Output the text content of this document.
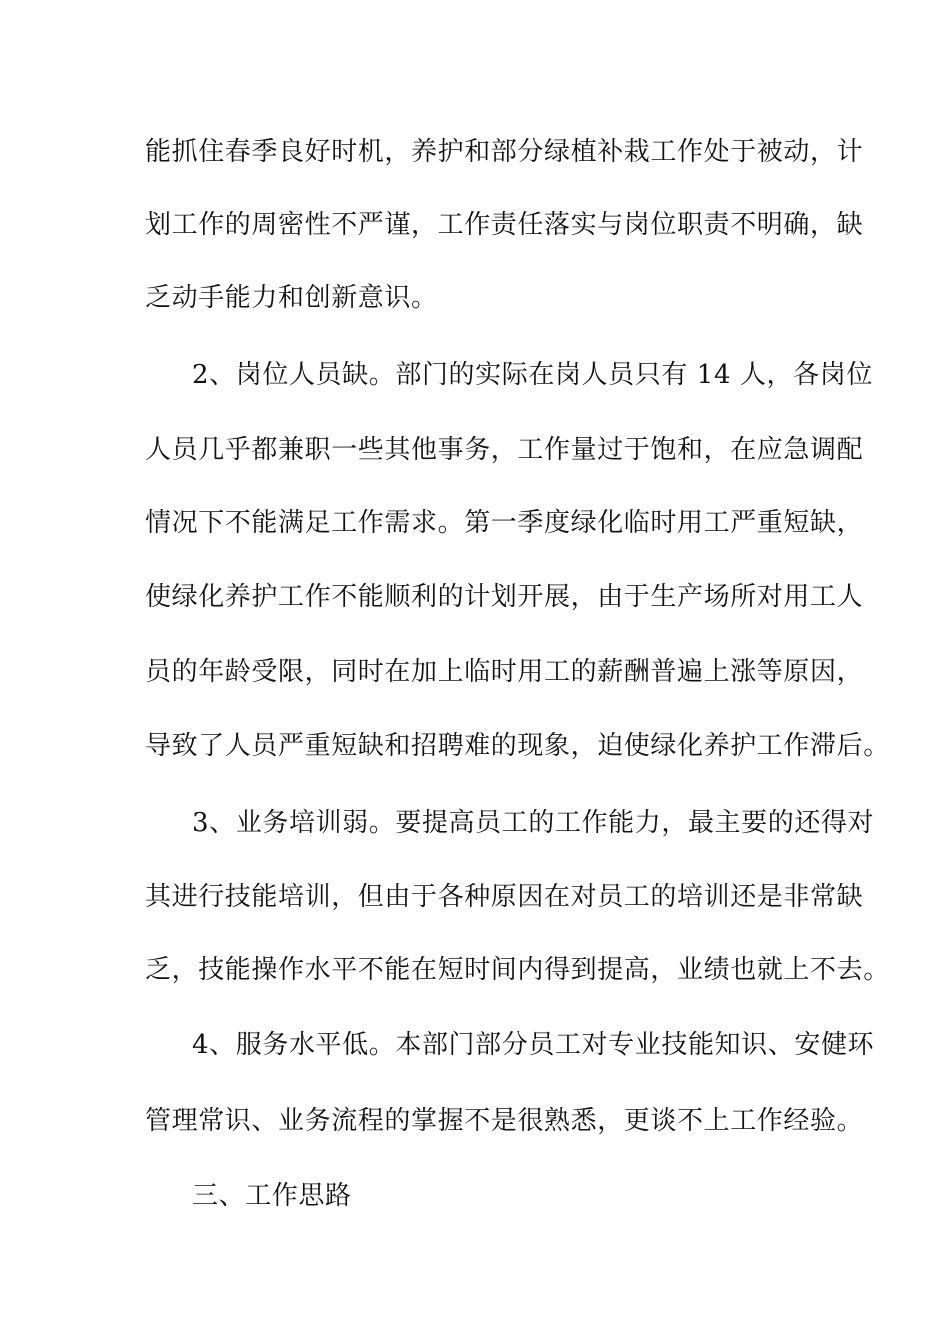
能抓住春季良好时机，养护和部分绿植补栽工作处于被动，计
划工作的周密性不严谨，工作责任落实与岗位职责不明确，缺
乏动手能力和创新意识。
2、岗位人员缺。部门的实际在岗人员只有 14 人，各岗位
人员几乎都兼职一些其他事务，工作量过于饱和，在应急调配
情况下不能满足工作需求。第一季度绿化临时用工严重短缺，
使绿化养护工作不能顺利的计划开展，由于生产场所对用工人
员的年龄受限，同时在加上临时用工的薪酬普遍上涨等原因，
导致了人员严重短缺和招聘难的现象，迫使绿化养护工作滞后。
3、业务培训弱。要提高员工的工作能力，最主要的还得对
其进行技能培训，但由于各种原因在对员工的培训还是非常缺
乏，技能操作水平不能在短时间内得到提高，业绩也就上不去。
4、服务水平低。本部门部分员工对专业技能知识、安健环
管理常识、业务流程的掌握不是很熟悉，更谈不上工作经验。
三、工作思路
